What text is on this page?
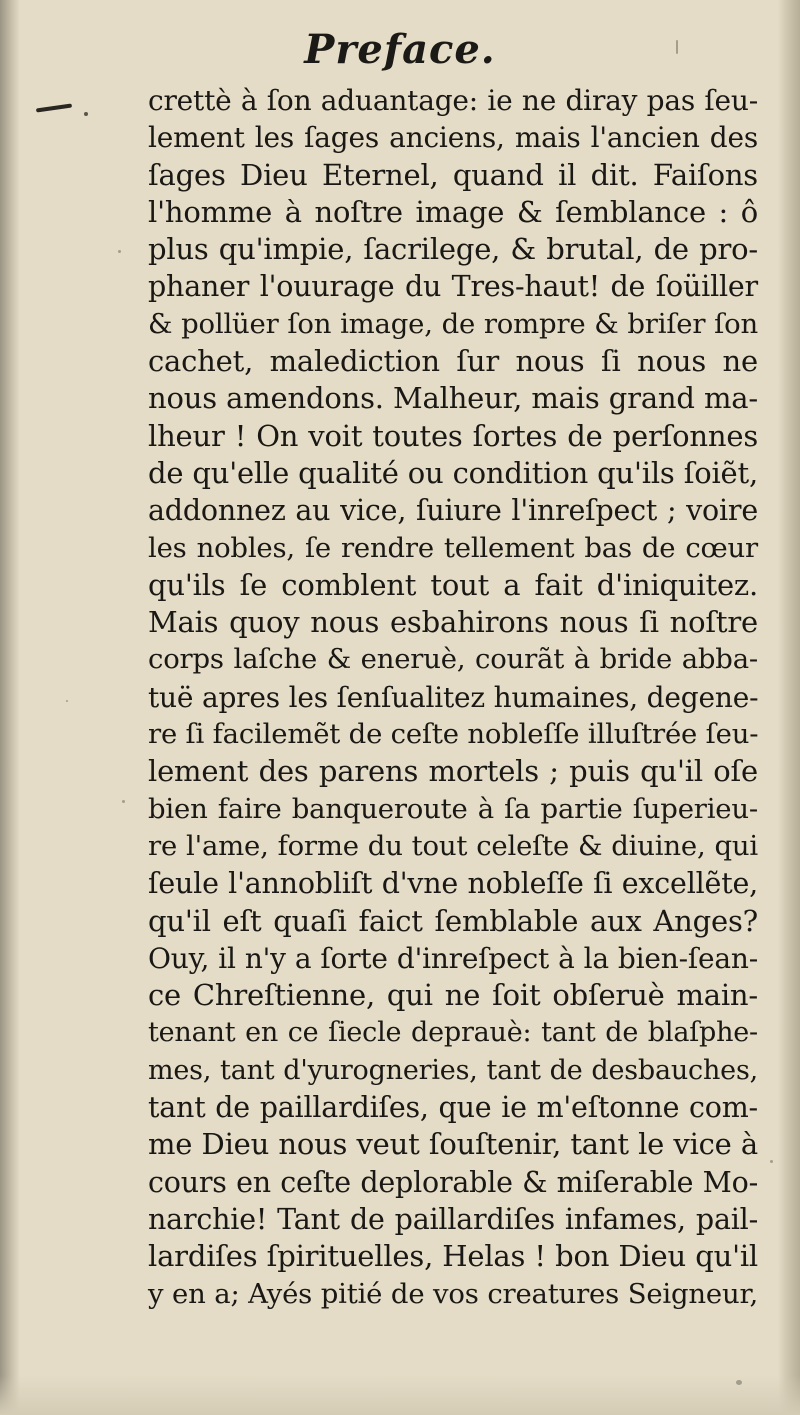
Preface.
crettè à ſon aduantage: ie ne diray pas ſeu-
lement les ſages anciens, mais l'ancien des
ſages Dieu Eternel, quand il dit. Faiſons
l'homme à noſtre image & ſemblance : ô
plus qu'impie, ſacrilege, & brutal, de pro-
phaner l'ouurage du Tres-haut! de ſoüiller
& pollüer ſon image, de rompre & briſer ſon
cachet, malediction ſur nous ſi nous ne
nous amendons. Malheur, mais grand ma-
lheur ! On voit toutes ſortes de perſonnes
de qu'elle qualité ou condition qu'ils ſoiẽt,
addonnez au vice, ſuiure l'inreſpect ; voire
les nobles, ſe rendre tellement bas de cœur
qu'ils ſe comblent tout a fait d'iniquitez.
Mais quoy nous esbahirons nous ſi noſtre
corps laſche & eneruè, courãt à bride abba-
tuë apres les ſenſualitez humaines, degene-
re ſi facilemẽt de ceſte nobleſſe illuſtrée ſeu-
lement des parens mortels ; puis qu'il oſe
bien faire banqueroute à ſa partie ſuperieu-
re l'ame, forme du tout celeſte & diuine, qui
ſeule l'annobliſt d'vne nobleſſe ſi excellẽte,
qu'il eſt quaſi faict ſemblable aux Anges?
Ouy, il n'y a ſorte d'inreſpect à la bien-ſean-
ce Chreſtienne, qui ne ſoit obſeruè main-
tenant en ce ſiecle deprauè: tant de blaſphe-
mes, tant d'yurogneries, tant de desbauches,
tant de paillardiſes, que ie m'eſtonne com-
me Dieu nous veut ſouſtenir, tant le vice à
cours en ceſte deplorable & miſerable Mo-
narchie! Tant de paillardiſes infames, pail-
lardiſes ſpirituelles, Helas ! bon Dieu qu'il
y en a; Ayés pitié de vos creatures Seigneur,
